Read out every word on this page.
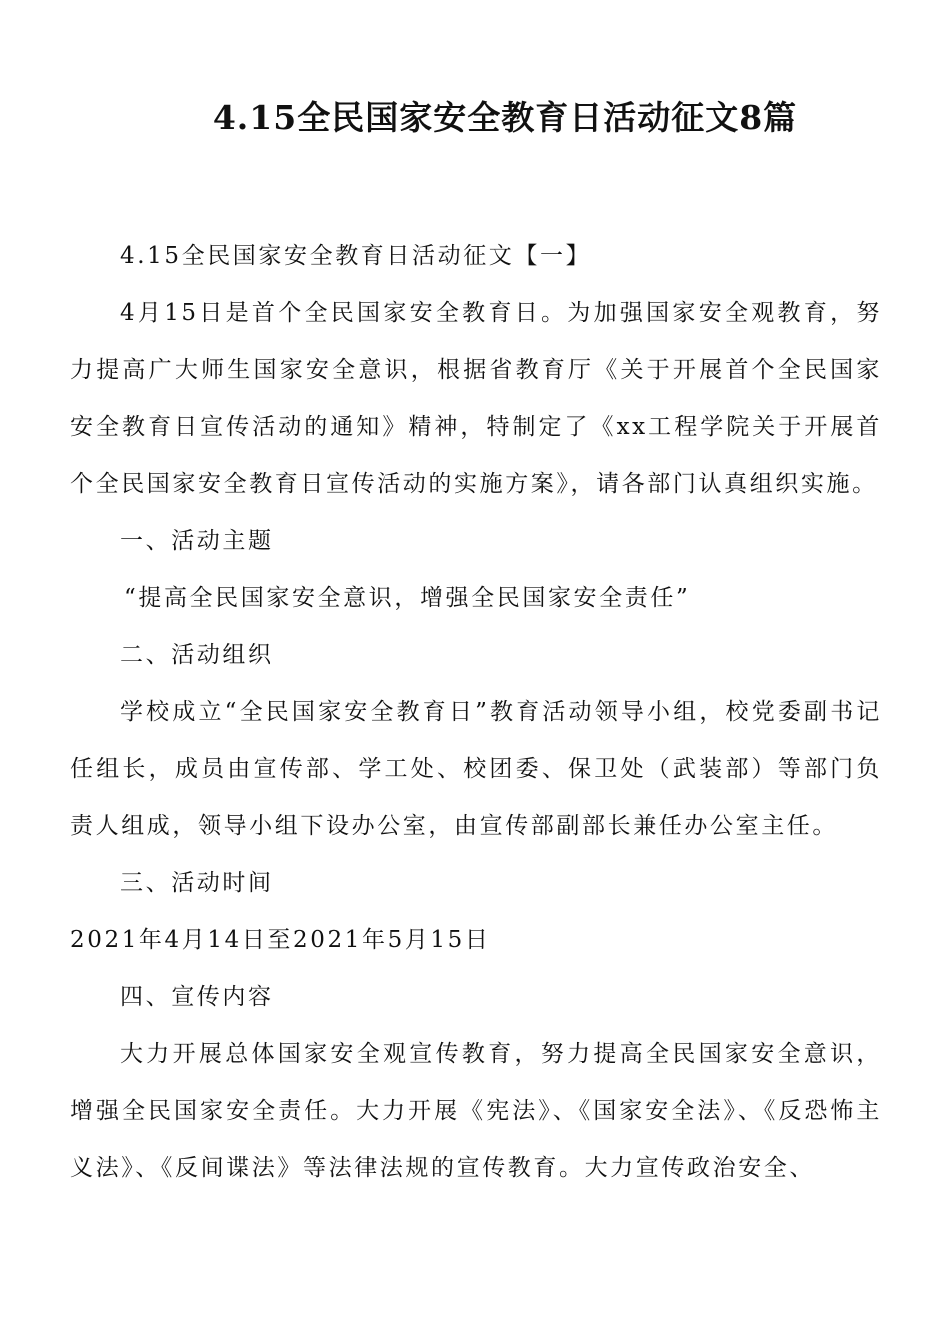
4.15全民国家安全教育日活动征文8篇

4.15全民国家安全教育日活动征文【一】

4月15日是首个全民国家安全教育日。为加强国家安全观教育，努力提高广大师生国家安全意识，根据省教育厅《关于开展首个全民国家安全教育日宣传活动的通知》精神，特制定了《xx工程学院关于开展首个全民国家安全教育日宣传活动的实施方案》，请各部门认真组织实施。

一、活动主题

“提高全民国家安全意识，增强全民国家安全责任”

二、活动组织

学校成立“全民国家安全教育日”教育活动领导小组，校党委副书记任组长，成员由宣传部、学工处、校团委、保卫处（武装部）等部门负责人组成，领导小组下设办公室，由宣传部副部长兼任办公室主任。

三、活动时间

2021年4月14日至2021年5月15日

四、宣传内容

大力开展总体国家安全观宣传教育，努力提高全民国家安全意识，增强全民国家安全责任。大力开展《宪法》、《国家安全法》、《反恐怖主义法》、《反间谍法》等法律法规的宣传教育。大力宣传政治安全、
